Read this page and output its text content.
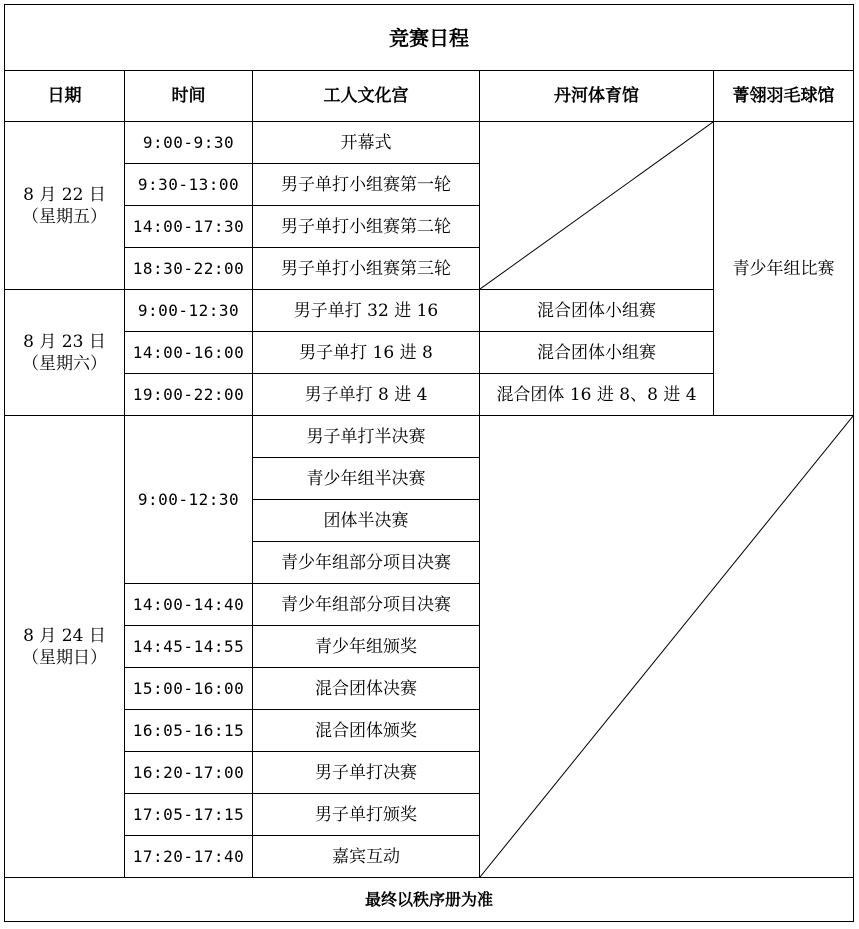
竞赛日程				
日期	时间	工人文化宫	丹河体育馆	菁翎羽毛球馆

8 月 22 日
（星期五）	9:00-9:30	开幕式		青少年组比赛
	9:30-13:00	男子单打小组赛第一轮		
	14:00-17:30	男子单打小组赛第二轮		
	18:30-22:00	男子单打小组赛第三轮		

8 月 23 日
（星期六）	9:00-12:30	男子单打 32 进 16	混合团体小组赛	
	14:00-16:00	男子单打 16 进 8	混合团体小组赛	
	19:00-22:00	男子单打 8 进 4	混合团体 16 进 8、8 进 4	

8 月 24 日
（星期日）	9:00-12:30	男子单打半决赛	

		青少年组半决赛		
		团体半决赛		
		青少年组部分项目决赛		
	14:00-14:40	青少年组部分项目决赛		
	14:45-14:55	青少年组颁奖		
	15:00-16:00	混合团体决赛		
	16:05-16:15	混合团体颁奖		
	16:20-17:00	男子单打决赛		
	17:05-17:15	男子单打颁奖		
	17:20-17:40	嘉宾互动		
最终以秩序册为准				
